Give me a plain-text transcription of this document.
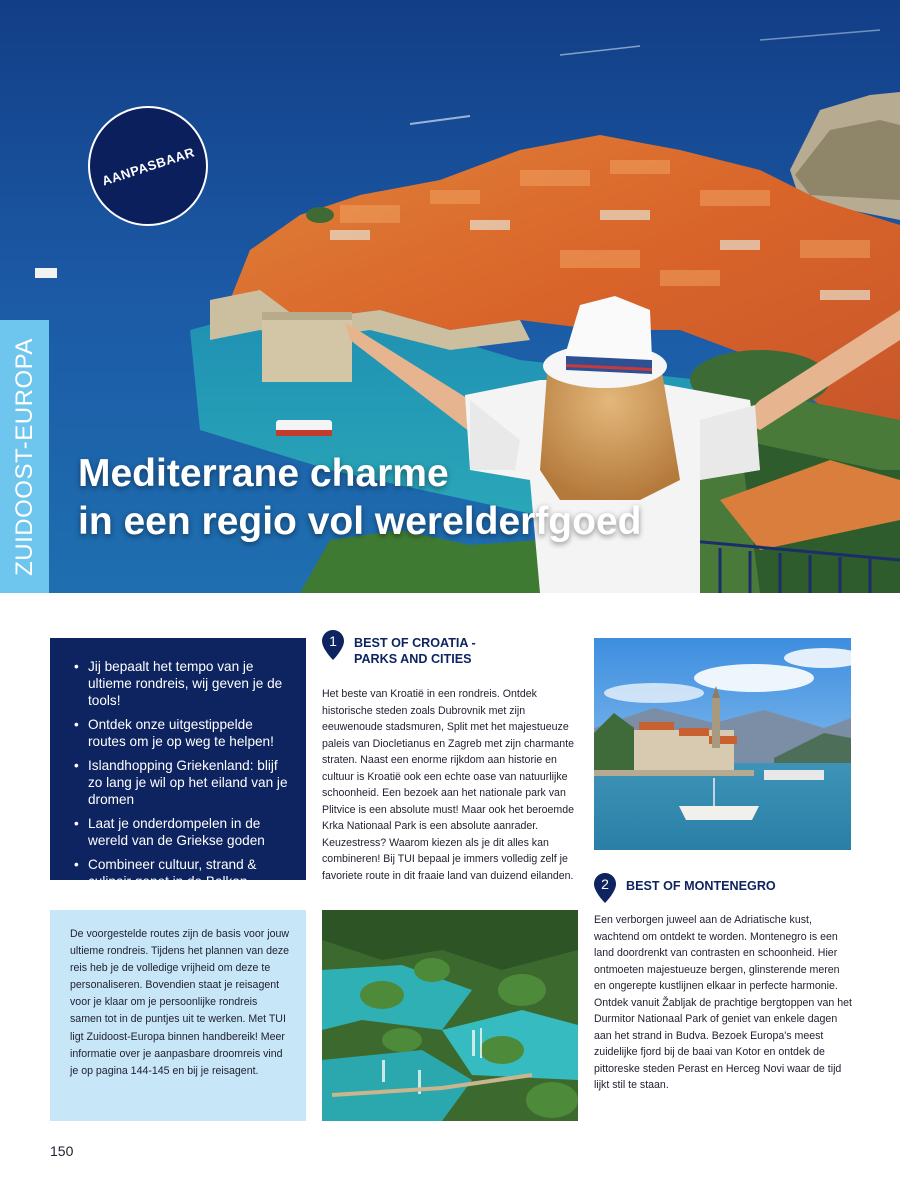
AANPASBAAR
ZUIDOOST-EUROPA Mediterrane charme
in een regio vol werelderfgoed
• Jij bepaalt het tempo van je ultieme rondreis, wij geven je de tools!
• Ontdek onze uitgestippelde routes om je op weg te helpen!
• Islandhopping Griekenland: blijf zo lang je wil op het eiland van je dromen
• Laat je onderdompelen in de wereld van de Griekse goden
• Combineer cultuur, strand & culinair genot in de Balkan
De voorgestelde routes zijn de basis voor jouw ultieme rondreis. Tijdens het plannen van deze reis heb je de volledige vrijheid om deze te personaliseren. Bovendien staat je reisagent voor je klaar om je persoonlijke rondreis samen tot in de puntjes uit te werken. Met TUI ligt Zuidoost-Europa binnen handbereik! Meer informatie over je aanpasbare droomreis vind je op pagina 144-145 en bij je reisagent.
1 BEST OF CROATIA -
PARKS AND CITIES

Het beste van Kroatië in een rondreis. Ontdek historische steden zoals Dubrovnik met zijn eeuwenoude stadsmuren, Split met het majestueuze paleis van Diocletianus en Zagreb met zijn charmante straten. Naast een enorme rijkdom aan historie en cultuur is Kroatië ook een echte oase van natuurlijke schoonheid. Een bezoek aan het nationale park van Plitvice is een absolute must! Maar ook het beroemde Krka Nationaal Park is een absolute aanrader. Keuzestress? Waarom kiezen als je dit alles kan combineren! Bij TUI bepaal je immers volledig zelf je favoriete route in dit fraaie land van duizend eilanden.

2 BEST OF MONTENEGRO

Een verborgen juweel aan de Adriatische kust, wachtend om ontdekt te worden. Montenegro is een land doordrenkt van contrasten en schoonheid. Hier ontmoeten majestueuze bergen, glinsterende meren en ongerepte kustlijnen elkaar in perfecte harmonie. Ontdek vanuit Žabljak de prachtige bergtoppen van het Durmitor Nationaal Park of geniet van enkele dagen aan het strand in Budva. Bezoek Europa's meest zuidelijke fjord bij de baai van Kotor en ontdek de pittoreske steden Perast en Herceg Novi waar de tijd lijkt stil te staan.

150
